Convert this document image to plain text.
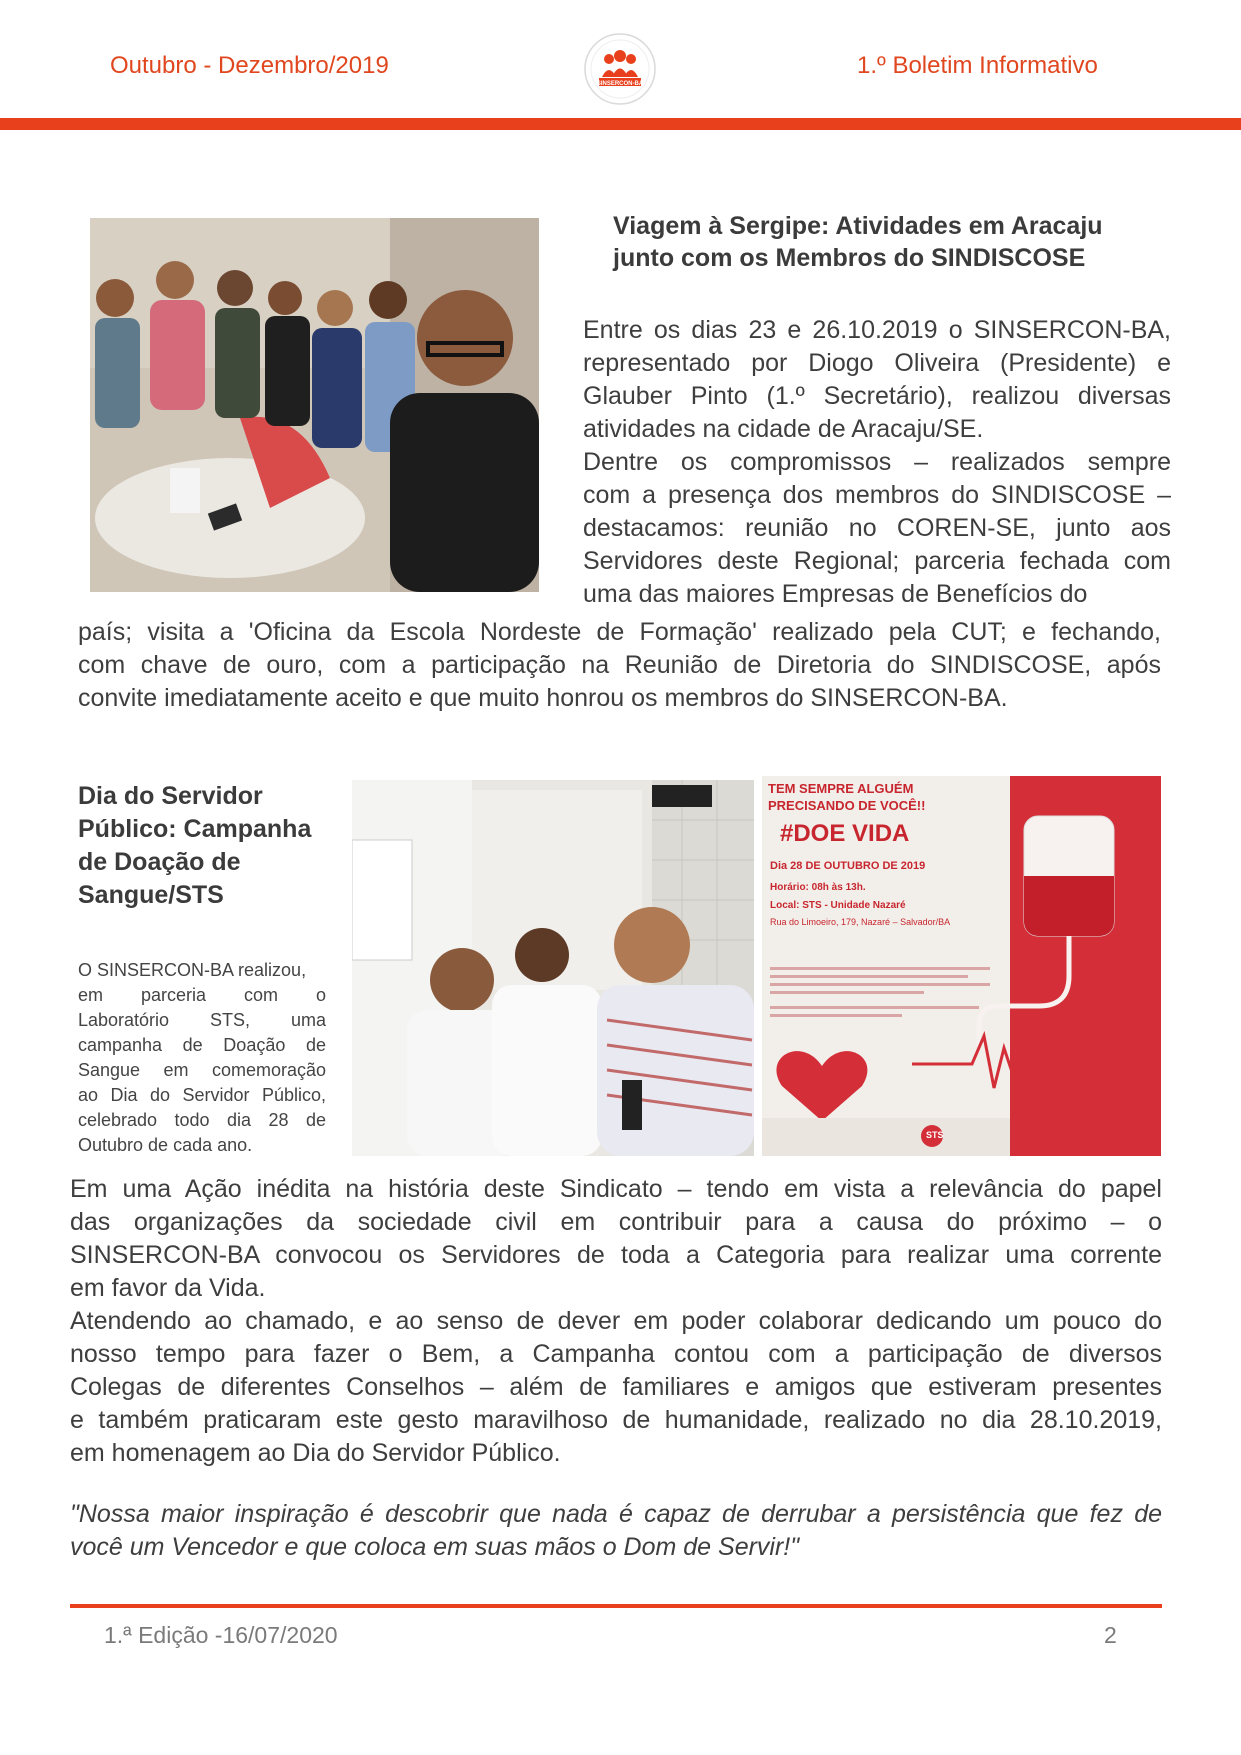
Outubro - Dezembro/2019
SINSERCON-BA
1.º Boletim Informativo
Viagem à Sergipe: Atividades em Aracaju
junto com os Membros do SINDISCOSE
Entre os dias 23 e 26.10.2019 o SINSERCON-BA,
representado por Diogo Oliveira (Presidente) e
Glauber Pinto (1.º Secretário), realizou diversas
atividades na cidade de Aracaju/SE.
Dentre os compromissos – realizados sempre
com a presença dos membros do SINDISCOSE –
destacamos: reunião no COREN-SE, junto aos
Servidores deste Regional; parceria fechada com
uma das maiores Empresas de Benefícios do
país; visita a 'Oficina da Escola Nordeste de Formação' realizado pela CUT; e fechando,
com chave de ouro, com a participação na Reunião de Diretoria do SINDISCOSE, após
convite imediatamente aceito e que muito honrou os membros do SINSERCON-BA.
Dia do Servidor
Público: Campanha
de Doação de
Sangue/STS
O SINSERCON-BA realizou,
em parceria com o
Laboratório STS, uma
campanha de Doação de
Sangue em comemoração
ao Dia do Servidor Público,
celebrado todo dia 28 de
Outubro de cada ano.
TEM SEMPRE ALGUÉM
PRECISANDO DE VOCÊ!!
#DOE VIDA
Dia 28 DE OUTUBRO DE 2019
Horário: 08h às 13h.
Local: STS - Unidade Nazaré
Rua do Limoeiro, 179, Nazaré – Salvador/BA
STS
Em uma Ação inédita na história deste Sindicato – tendo em vista a relevância do papel
das organizações da sociedade civil em contribuir para a causa do próximo – o
SINSERCON-BA convocou os Servidores de toda a Categoria para realizar uma corrente
em favor da Vida.
Atendendo ao chamado, e ao senso de dever em poder colaborar dedicando um pouco do
nosso tempo para fazer o Bem, a Campanha contou com a participação de diversos
Colegas de diferentes Conselhos – além de familiares e amigos que estiveram presentes
e também praticaram este gesto maravilhoso de humanidade, realizado no dia 28.10.2019,
em homenagem ao Dia do Servidor Público.
"Nossa maior inspiração é descobrir que nada é capaz de derrubar a persistência que fez de
você um Vencedor e que coloca em suas mãos o Dom de Servir!"
1.ª Edição -16/07/2020	2
